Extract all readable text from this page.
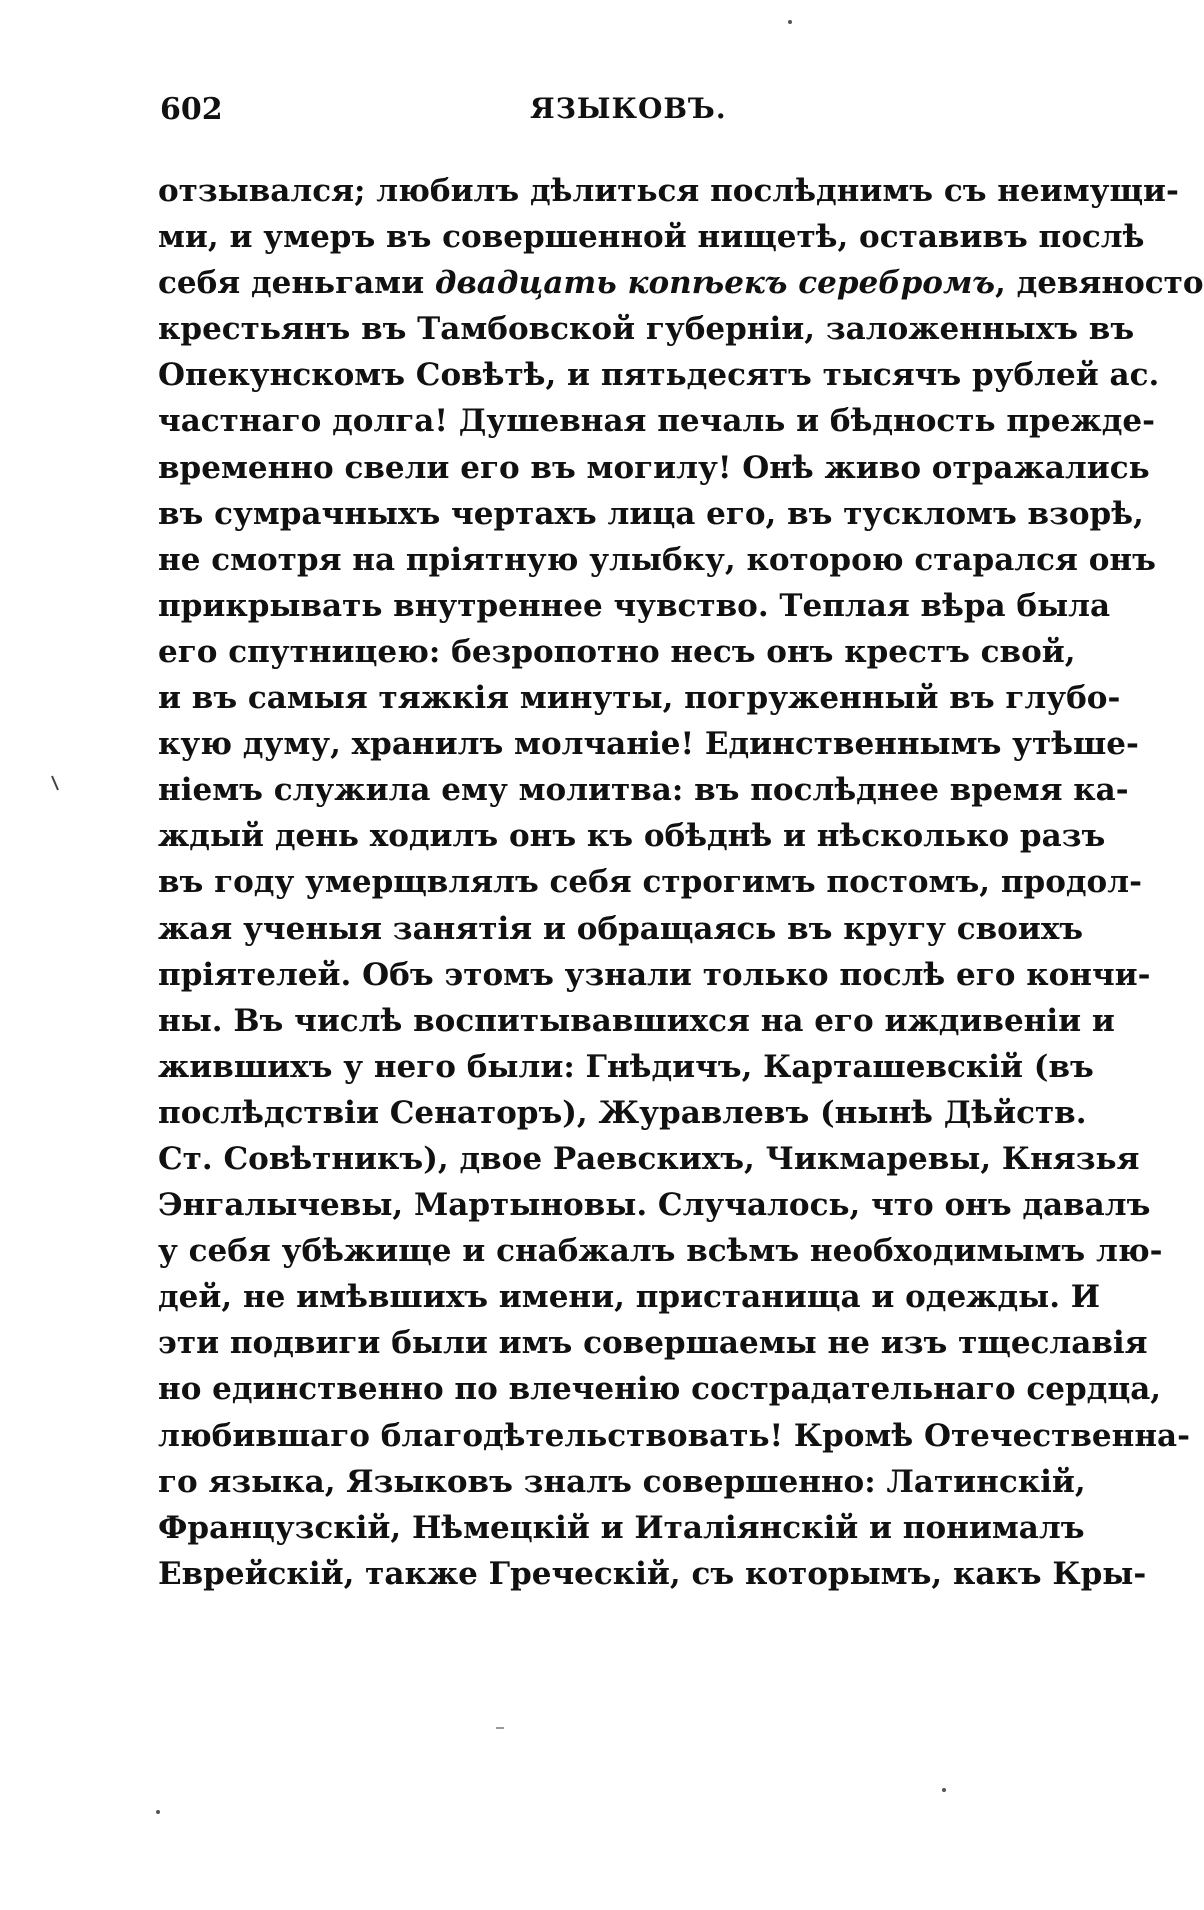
602	ЯЗЫКОВЪ.
отзывался; любилъ дѣлиться послѣднимъ съ неимущи-
ми, и умеръ въ совершенной нищетѣ, оставивъ послѣ
себя деньгами двадцать копѣекъ серебромъ, девяносто
крестьянъ въ Тамбовской губерніи, заложенныхъ въ
Опекунскомъ Совѣтѣ, и пятьдесятъ тысячъ рублей ас.
частнаго долга! Душевная печаль и бѣдность прежде-
временно свели его въ могилу! Онѣ живо отражались
въ сумрачныхъ чертахъ лица его, въ тускломъ взорѣ,
не смотря на пріятную улыбку, которою старался онъ
прикрывать внутреннее чувство. Теплая вѣра была
его спутницею: безропотно несъ онъ крестъ свой,
и въ самыя тяжкія минуты, погруженный въ глубо-
кую думу, хранилъ молчаніе! Единственнымъ утѣше-
ніемъ служила ему молитва: въ послѣднее время ка-
ждый день ходилъ онъ къ обѣднѣ и нѣсколько разъ
въ году умерщвлялъ себя строгимъ постомъ, продол-
жая ученыя занятія и обращаясь въ кругу своихъ
пріятелей. Объ этомъ узнали только послѣ его кончи-
ны. Въ числѣ воспитывавшихся на его иждивеніи и
жившихъ у него были: Гнѣдичъ, Карташевскій (въ
послѣдствіи Сенаторъ), Журавлевъ (нынѣ Дѣйств.
Ст. Совѣтникъ), двое Раевскихъ, Чикмаревы, Князья
Энгалычевы, Мартыновы. Случалось, что онъ давалъ
у себя убѣжище и снабжалъ всѣмъ необходимымъ лю-
дей, не имѣвшихъ имени, пристанища и одежды. И
эти подвиги были имъ совершаемы не изъ тщеславія
но единственно по влеченію сострадательнаго сердца,
любившаго благодѣтельствовать! Кромѣ Отечественна-
го языка, Языковъ зналъ совершенно: Латинскій,
Французскій, Нѣмецкій и Италіянскій и понималъ
Еврейскій, также Греческій, съ которымъ, какъ Кры-
